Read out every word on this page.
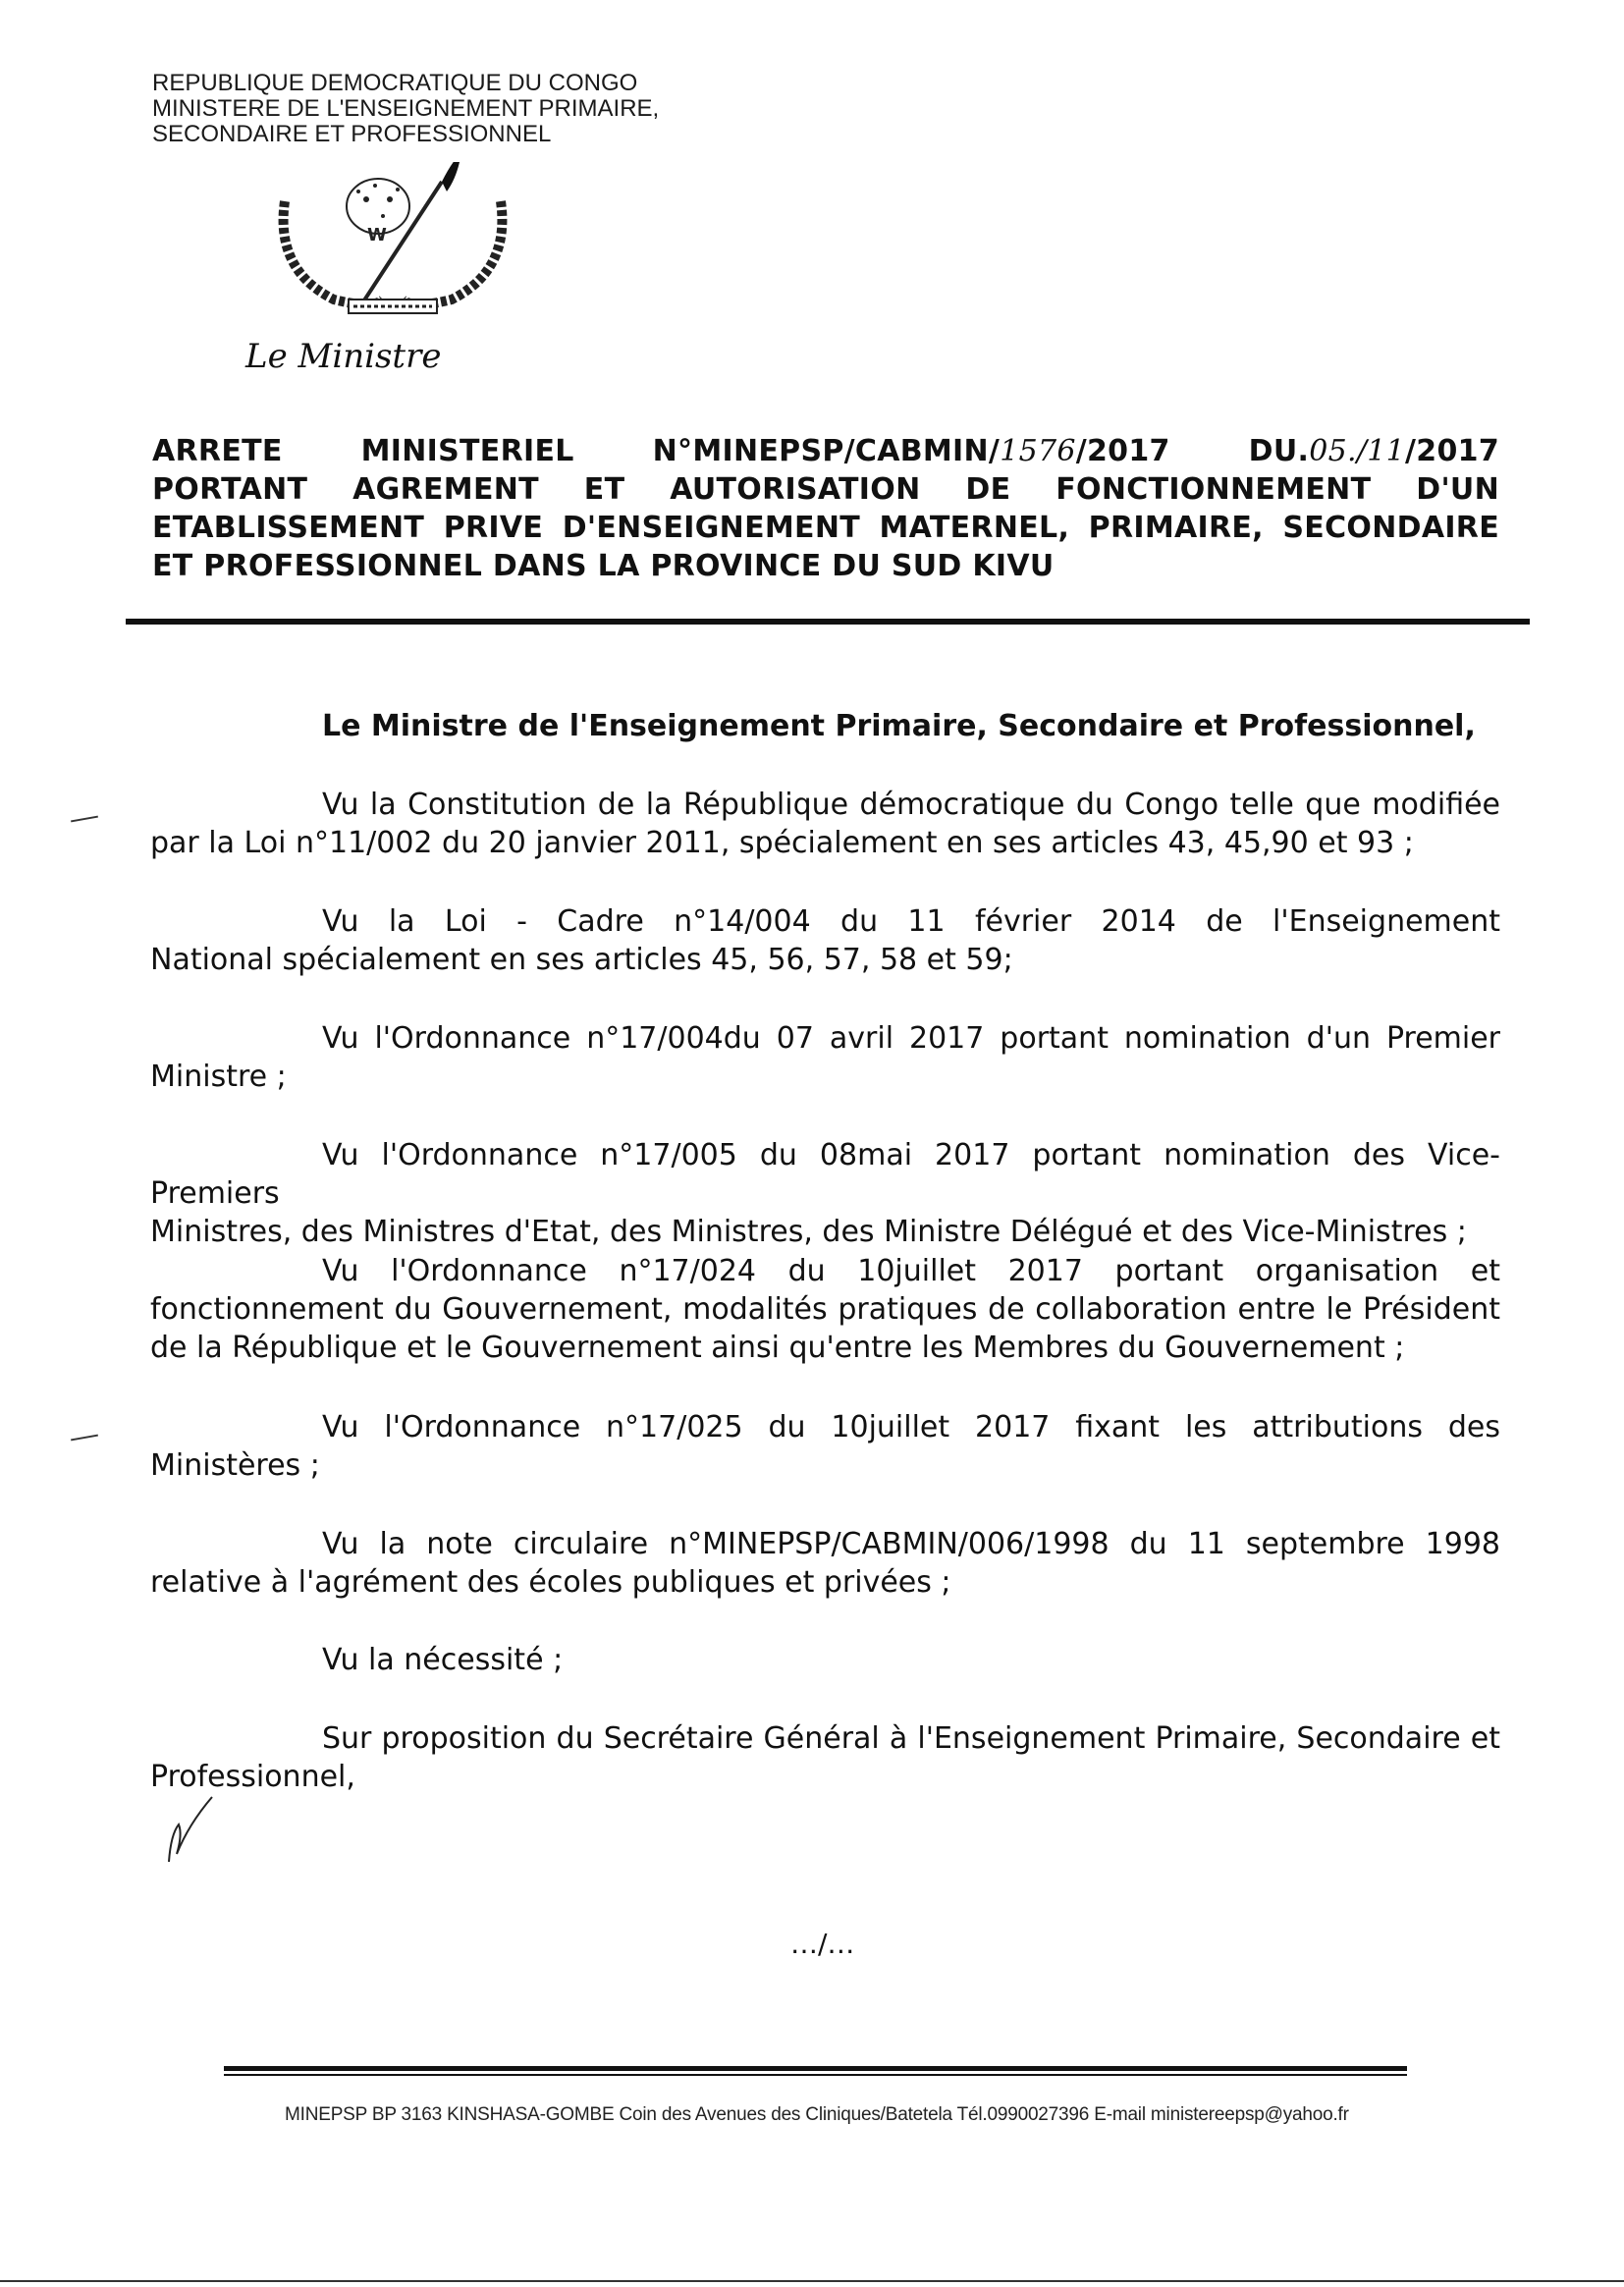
REPUBLIQUE DEMOCRATIQUE DU CONGO
MINISTERE DE L'ENSEIGNEMENT PRIMAIRE,
SECONDAIRE ET PROFESSIONNEL
W
Le Ministre
ARRETE MINISTERIEL N°MINEPSP/CABMIN/1576/2017 DU.05./11/2017
PORTANT AGREMENT ET AUTORISATION DE FONCTIONNEMENT D'UN
ETABLISSEMENT PRIVE D'ENSEIGNEMENT MATERNEL, PRIMAIRE, SECONDAIRE
ET PROFESSIONNEL DANS LA PROVINCE DU SUD KIVU
Le Ministre de l'Enseignement Primaire, Secondaire et Professionnel,
Vu la Constitution de la République démocratique du Congo telle que modifiée
par la Loi n°11/002 du 20 janvier 2011, spécialement en ses articles 43, 45,90 et 93 ;
Vu la Loi - Cadre n°14/004 du 11 février 2014 de l'Enseignement
National spécialement en ses articles 45, 56, 57, 58 et 59;
Vu l'Ordonnance n°17/004du 07 avril 2017 portant nomination d'un Premier
Ministre ;
Vu l'Ordonnance n°17/005 du 08mai 2017 portant nomination des Vice-Premiers
Ministres, des Ministres d'Etat, des Ministres, des Ministre Délégué et des Vice-Ministres ;
Vu l'Ordonnance n°17/024 du 10juillet 2017 portant organisation et
fonctionnement du Gouvernement, modalités pratiques de collaboration entre le Président de la République et le Gouvernement ainsi qu'entre les Membres du Gouvernement ;
Vu l'Ordonnance n°17/025 du 10juillet 2017 fixant les attributions des
Ministères ;
Vu la note circulaire n°MINEPSP/CABMIN/006/1998 du 11 septembre 1998
relative à l'agrément des écoles publiques et privées ;
Vu la nécessité ;
Sur proposition du Secrétaire Général à l'Enseignement Primaire, Secondaire et
Professionnel,
…/…
MINEPSP BP 3163 KINSHASA-GOMBE Coin des Avenues des Cliniques/Batetela Tél.0990027396 E-mail ministereepsp@yahoo.fr
